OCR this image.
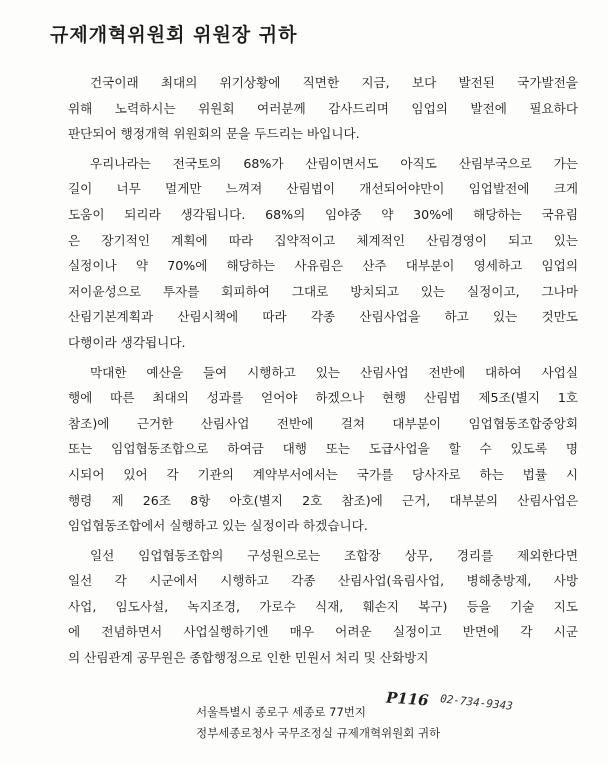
규제개혁위원회 위원장 귀하
건국이래 최대의 위기상황에 직면한 지금, 보다 발전된 국가발전을
위해 노력하시는 위원회 여러분께 감사드리며 임업의 발전에 필요하다
판단되어 행정개혁 위원회의 문을 두드리는 바입니다.
우리나라는 전국토의 68%가 산림이면서도 아직도 산림부국으로 가는
길이 너무 멀게만 느껴져 산림법이 개선되어야만이 임업발전에 크게
도움이 되리라 생각됩니다. 68%의 임야중 약 30%에 해당하는 국유림
은 장기적인 계획에 따라 집약적이고 체계적인 산림경영이 되고 있는
실정이나 약 70%에 해당하는 사유림은 산주 대부분이 영세하고 임업의
저이윤성으로 투자를 회피하여 그대로 방치되고 있는 실정이고, 그나마
산림기본계획과 산림시책에 따라 각종 산림사업을 하고 있는 것만도
다행이라 생각됩니다.
막대한 예산을 들여 시행하고 있는 산림사업 전반에 대하여 사업실
행에 따른 최대의 성과를 얻어야 하겠으나 현행 산림법 제5조(별지 1호
참조)에 근거한 산림사업 전반에 걸쳐 대부분이 임업협동조합중앙회
또는 임업협동조합으로 하여금 대행 또는 도급사업을 할 수 있도록 명
시되어 있어 각 기관의 계약부서에서는 국가를 당사자로 하는 법률 시
행령 제 26조 8항 아호(별지 2호 참조)에 근거, 대부분의 산림사업은
임업협동조합에서 실행하고 있는 실정이라 하겠습니다.
일선 임업협동조합의 구성원으로는 조합장 상무, 경리를 제외한다면
일선 각 시군에서 시행하고 각종 산림사업(육림사업, 병해충방제, 사방
사업, 임도사설, 녹지조경, 가로수 식재, 훼손지 복구) 등을 기술 지도
에 전념하면서 사업실행하기엔 매우 어려운 실정이고 반면에 각 시군
의 산림관계 공무원은 종합행정으로 인한 민원서 처리 및 산화방지
서울특별시 종로구 세종로 77번지
정부세종로청사 국무조정실 규제개혁위원회 귀하
P116 02-734-9343
